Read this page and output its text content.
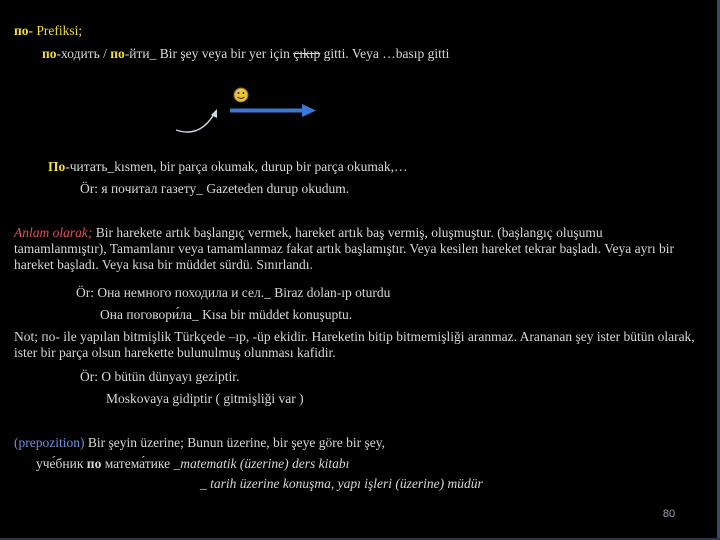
по- Prefiksi;
по-ходить / по-йти_ Bir şey veya bir yer için çıkıp gitti. Veya …basıp gitti
По-читать_kısmen, bir parça okumak, durup bir parça okumak,…
Ör: я почитал газету_ Gazeteden durup okudum.
Anlam olarak; Bir harekete artık başlangıç vermek, hareket artık baş vermiş, oluşmuştur. (başlangıç oluşumu tamamlanmıştır), Tamamlanır veya tamamlanmaz fakat artık başlamıştır. Veya kesilen hareket tekrar başladı. Veya ayrı bir hareket başladı. Veya kısa bir müddet sürdü. Sınırlandı.
Ör: Она немного походила и сел._ Biraz dolan-ıp oturdu
Она поговори́ла_ Kısa bir müddet konuşuptu.
Not; по- ile yapılan bitmişlik Türkçede –ıp, -üp ekidir. Hareketin bitip bitmemişliği aranmaz. Arananan şey ister bütün olarak, ister bir parça olsun harekette bulunulmuş olunması kafidir.
Ör: O bütün dünyayı geziptir.
Moskovaya gidiptir ( gitmişliği var )
(prepozition) Bir şeyin üzerine; Bunun üzerine, bir şeye göre bir şey,
уче́бник по матема́тике _matematik (üzerine) ders kitabı
_ tarih üzerine konuşma, yapı işleri (üzerine) müdür
80
